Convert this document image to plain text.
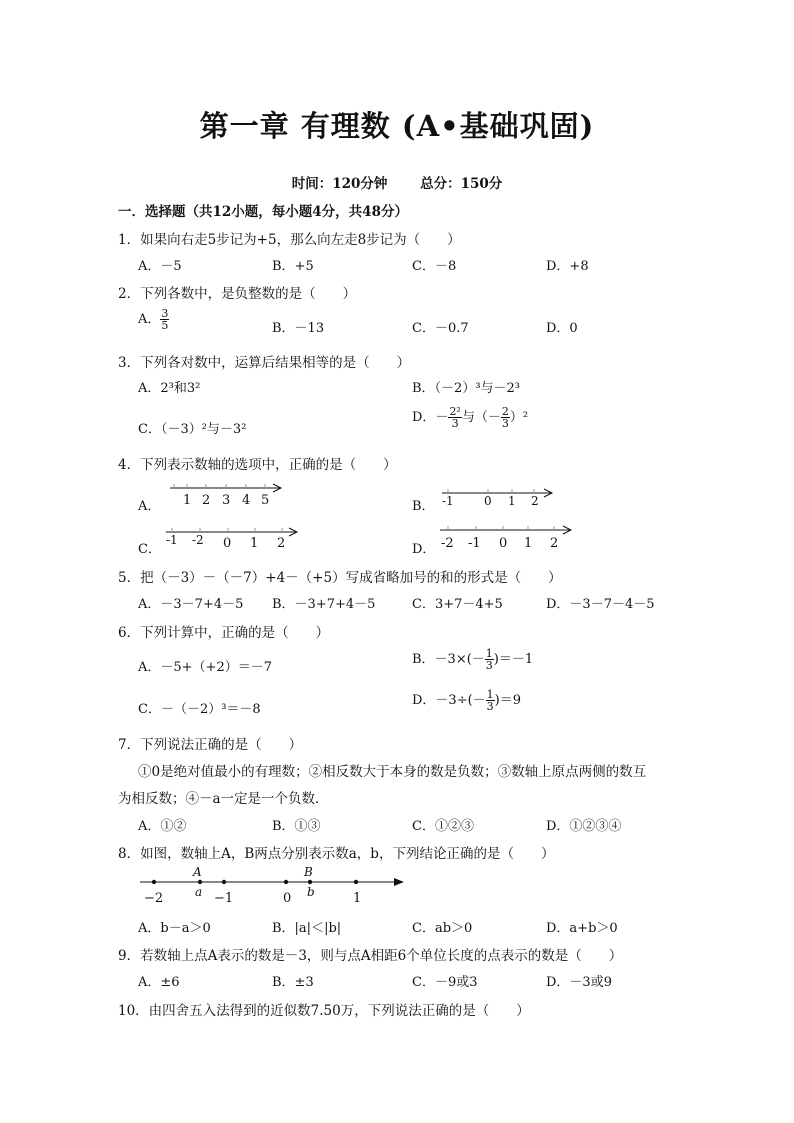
第一章 有理数 (A•基础巩固)
时间：120分钟 总分：150分
一．选择题（共12小题，每小题4分，共48分）
1．如果向右走5步记为+5，那么向左走8步记为（　　）
A．－5	B．+5	C．－8	D．+8
2．下列各数中，是负整数的是（　　）
A． $\frac{3}{5}$	B．－13	C．－0.7	D．0
3．下列各对数中，运算后结果相等的是（　　）
A．2³和3²	B．（－2）³与－2³
C．（－3）²与－3²
D．－ $\frac{\text{2²}}{3}$ 与（－ $\frac{2}{3} )^2$
4．下列表示数轴的选项中，正确的是（　　）
A．	B．
C．	D．
1 2 3 4 5	-1	0 1 2
-1 -2 0 1 2	-2 -1 0 1 2
5．把（－3）－（－7）+4－（+5）写成省略加号的和的形式是（　　）
A．－3－7+4－5 B．－3+7+4－5	C．3+7－4+5	D．－3－7－4－5
6．下列计算中，正确的是（　　）
A．－5+（+2）＝－7
B．$-3\times(- \frac{1}{3} )=-1$
C．－（－2）³＝－8
D．$-3\div(- \frac{1}{3} )=9$
7．下列说法正确的是（　　）
①0是绝对值最小的有理数；②相反数大于本身的数是负数；③数轴上原点两侧的数互
为相反数；④－a一定是一个负数．
A．①②	B．①③	C．①②③	D．①②③④
8．如图，数轴上A，B两点分别表示数a，b，下列结论正确的是（　　）
A	B
a	b
−2	−1	0	1
A．b－a＞0	B．|a|＜|b|	C．ab＞0	D．a+b＞0
9．若数轴上点A表示的数是－3，则与点A相距6个单位长度的点表示的数是（　　）
A．±6	B．±3	C．－9或3	D．－3或9
10．由四舍五入法得到的近似数7.50万，下列说法正确的是（　　）
